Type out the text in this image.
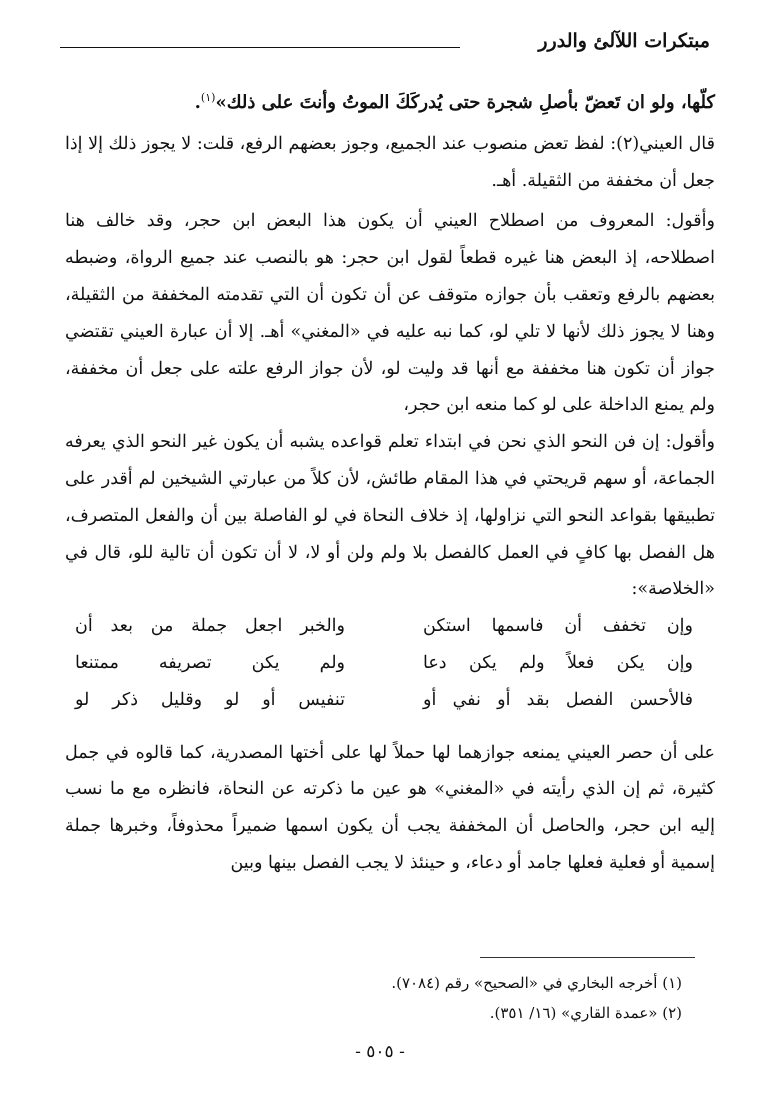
مبتكرات اللآلئ والدرر

كلّها، ولو ان تَعضّ بأصلِ شجرة حتى يُدركَكَ الموتُ وأنتَ على ذلك»$^{(١)}$.

قال العيني(٢): لفظ تعض منصوب عند الجميع، وجوز بعضهم الرفع، قلت: لا يجوز ذلك إلا إذا جعل أن مخففة من الثقيلة. أهـ.

وأقول: المعروف من اصطلاح العيني أن يكون هذا البعض ابن حجر، وقد خالف هنا اصطلاحه، إذ البعض هنا غيره قطعاً لقول ابن حجر: هو بالنصب عند جميع الرواة، وضبطه بعضهم بالرفع وتعقب بأن جوازه متوقف عن أن تكون أن التي تقدمته المخففة من الثقيلة، وهنا لا يجوز ذلك لأنها لا تلي لو، كما نبه عليه في «المغني» أهـ. إلا أن عبارة العيني تقتضي جواز أن تكون هنا مخففة مع أنها قد وليت لو، لأن جواز الرفع علته على جعل أن مخففة، ولم يمنع الداخلة على لو كما منعه ابن حجر،

وأقول: إن فن النحو الذي نحن في ابتداء تعلم قواعده يشبه أن يكون غير النحو الذي يعرفه الجماعة، أو سهم قريحتي في هذا المقام طائش، لأن كلاً من عبارتي الشيخين لم أقدر على تطبيقها بقواعد النحو التي نزاولها، إذ خلاف النحاة في لو الفاصلة بين أن والفعل المتصرف، هل الفصل بها كافٍ في العمل كالفصل بلا ولم ولن أو لا، لا أن تكون أن تالية للو، قال في «الخلاصة»:

وإن تخفف أن فاسمها استكن
والخبر اجعل جملة من بعد أن
وإن يكن فعلاً ولم يكن دعا
ولم يكن تصريفه ممتنعا
فالأحسن الفصل بقد أو نفي أو
تنفيس أو لو وقليل ذكر لو

على أن حصر العيني يمنعه جوازهما لها حملاً لها على أختها المصدرية، كما قالوه في جمل كثيرة، ثم إن الذي رأيته في «المغني» هو عين ما ذكرته عن النحاة، فانظره مع ما نسب إليه ابن حجر، والحاصل أن المخففة يجب أن يكون اسمها ضميراً محذوفاً، وخبرها جملة إسمية أو فعلية فعلها جامد أو دعاء، و حينئذ لا يجب الفصل بينها وبين

(١) أخرجه البخاري في «الصحيح» رقم (٧٠٨٤).

(٢) «عمدة القاري» (١٦/ ٣٥١).

- ٥٠٥ -
